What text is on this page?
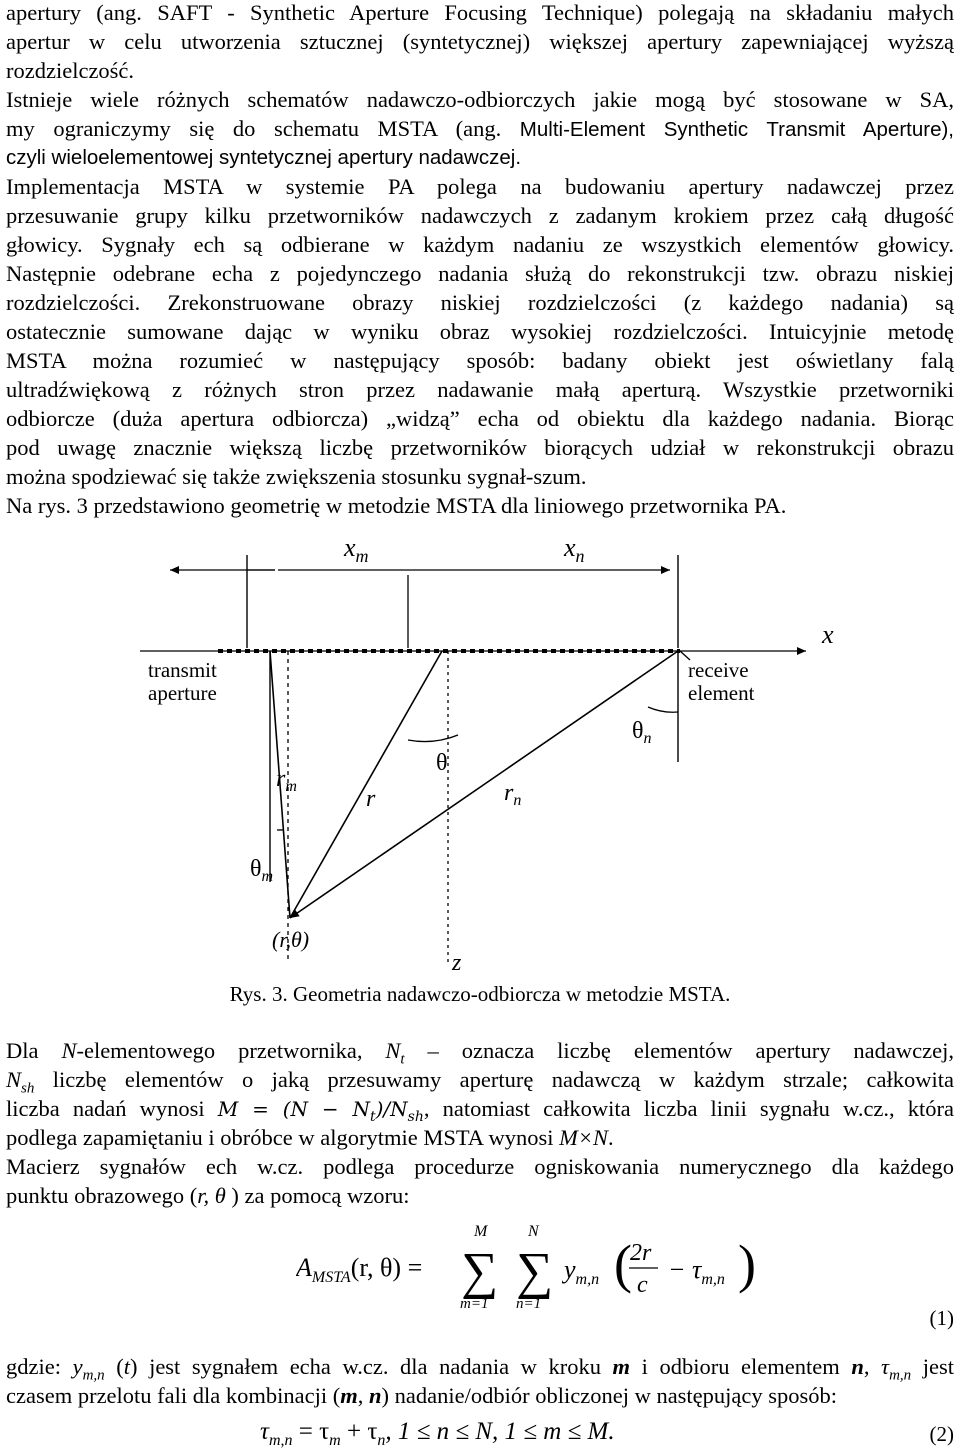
apertury (ang. SAFT - Synthetic Aperture Focusing Technique) polegają na składaniu małych
apertur w celu utworzenia sztucznej (syntetycznej) większej apertury zapewniającej wyższą
rozdzielczość.
Istnieje wiele różnych schematów nadawczo-odbiorczych jakie mogą być stosowane w SA,
my ograniczymy się do schematu MSTA (ang. Multi-Element Synthetic Transmit Aperture),
czyli wieloelementowej syntetycznej apertury nadawczej.
Implementacja MSTA w systemie PA polega na budowaniu apertury nadawczej przez
przesuwanie grupy kilku przetworników nadawczych z zadanym krokiem przez całą długość
głowicy. Sygnały ech są odbierane w każdym nadaniu ze wszystkich elementów głowicy.
Następnie odebrane echa z pojedynczego nadania służą do rekonstrukcji tzw. obrazu niskiej
rozdzielczości. Zrekonstruowane obrazy niskiej rozdzielczości (z każdego nadania) są
ostatecznie sumowane dając w wyniku obraz wysokiej rozdzielczości. Intuicyjnie metodę
MSTA można rozumieć w następujący sposób: badany obiekt jest oświetlany falą
ultradźwiękową z różnych stron przez nadawanie małą aperturą. Wszystkie przetworniki
odbiorcze (duża apertura odbiorcza) „widzą” echa od obiektu dla każdego nadania. Biorąc
pod uwagę znacznie większą liczbę przetworników biorących udział w rekonstrukcji obrazu
można spodziewać się także zwiększenia stosunku sygnał-szum.
Na rys. 3 przedstawiono geometrię w metodzie MSTA dla liniowego przetwornika PA.
$x_m$	$x_n$
x
transmit aperture
receive element
z
θ
$\theta_n$
$\theta_m$
r
$r_m$	$r_n$
(r,θ)
Rys. 3. Geometria nadawczo-odbiorcza w metodzie MSTA.
Dla N-elementowego przetwornika, $N_t$ – oznacza liczbę elementów apertury nadawczej,
$N_{sh}$ liczbę elementów o jaką przesuwamy aperturę nadawczą w każdym strzale; całkowita
liczba nadań wynosi $M = (N - N_t)/N_{sh}$, natomiast całkowita liczba linii sygnału w.cz., która
podlega zapamiętaniu i obróbce w algorytmie MSTA wynosi M×N.
Macierz sygnałów ech w.cz. podlega procedurze ogniskowania numerycznego dla każdego
punktu obrazowego (r, θ ) za pomocą wzoru:
$A_{MSTA}(r$, θ) =
M
∑
m=1
N
∑
n=1
$y_{m,n}$ (
2r
c
− $\tau_{m,n}$ )
(1)
gdzie: $y_{m,n}$ (t) jest sygnałem echa w.cz. dla nadania w kroku m i odbioru elementem n, $\tau_{m,n}$ jest
czasem przelotu fali dla kombinacji (m, n) nadanie/odbiór obliczonej w następujący sposób:
$\tau_{m,n} = \tau_m + \tau_n$, 1 ≤ n ≤ N, 1 ≤ m ≤ M.	(2)
